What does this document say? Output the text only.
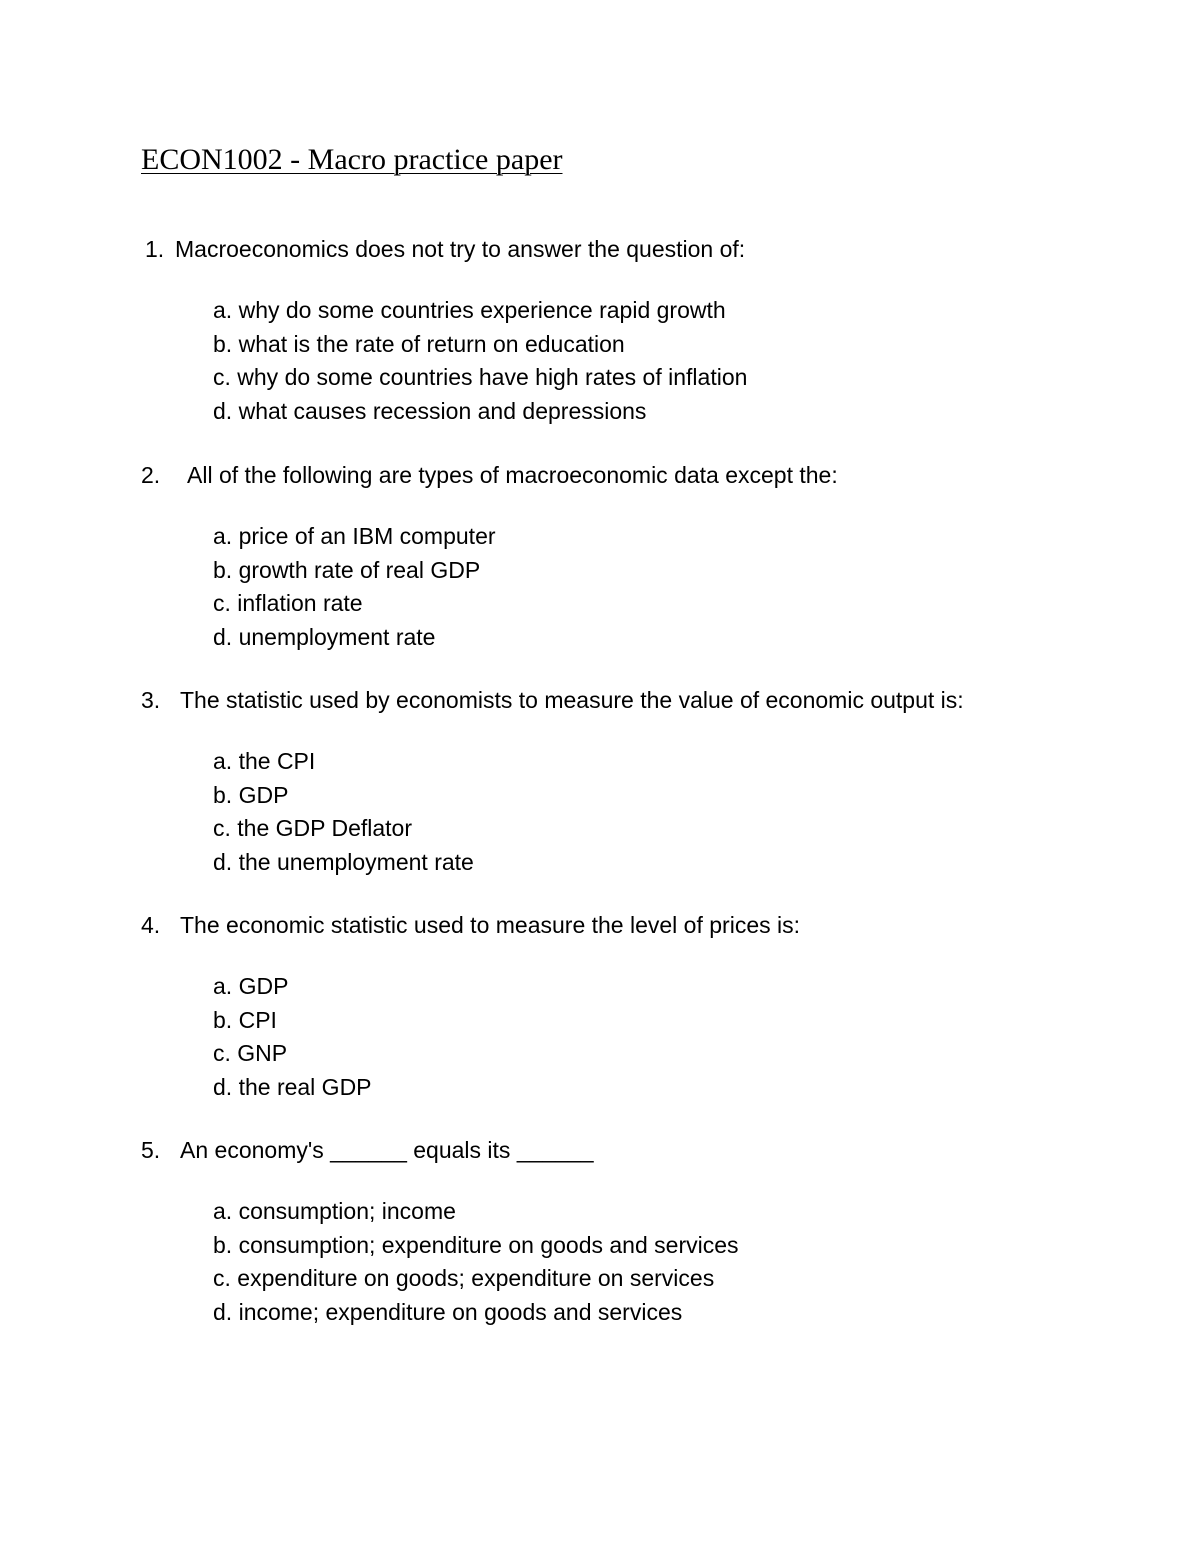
ECON1002 - Macro practice paper
1. Macroeconomics does not try to answer the question of:
a. why do some countries experience rapid growth
b. what is the rate of return on education
c. why do some countries have high rates of inflation
d. what causes recession and depressions
2. All of the following are types of macroeconomic data except the:
a. price of an IBM computer
b. growth rate of real GDP
c. inflation rate
d. unemployment rate
3. The statistic used by economists to measure the value of economic output is:
a. the CPI
b. GDP
c. the GDP Deflator
d. the unemployment rate
4. The economic statistic used to measure the level of prices is:
a. GDP
b. CPI
c. GNP
d. the real GDP
5. An economy's ______ equals its ______
a. consumption; income
b. consumption; expenditure on goods and services
c. expenditure on goods; expenditure on services
d. income; expenditure on goods and services
